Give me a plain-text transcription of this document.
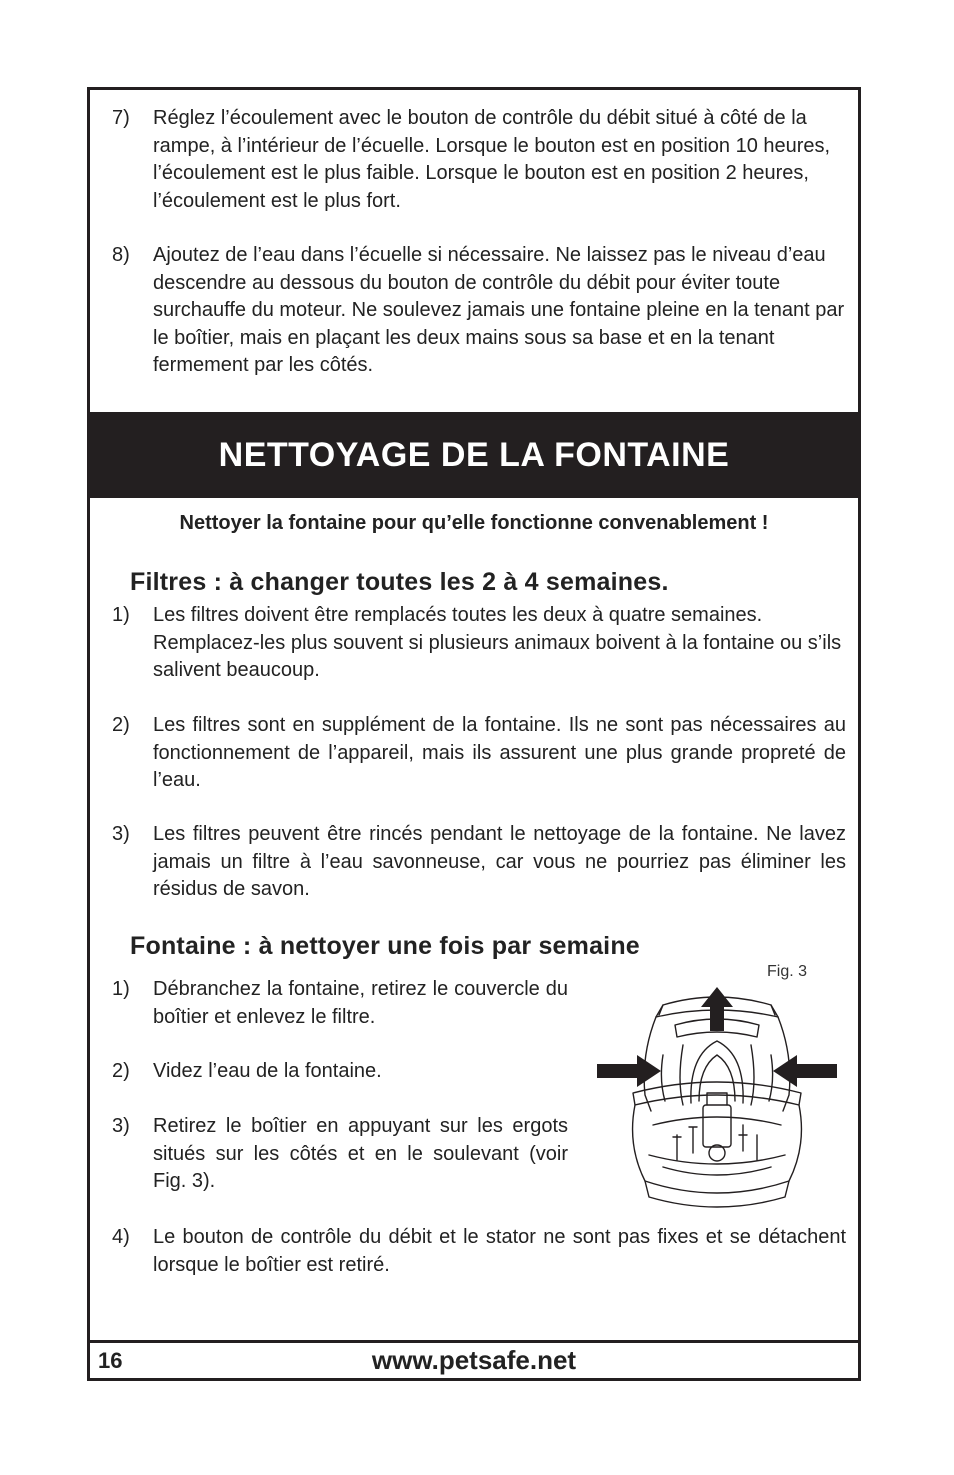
7) Réglez l’écoulement avec le bouton de contrôle du débit situé à côté de la rampe, à l’intérieur de l’écuelle. Lorsque le bouton est en position 10 heures, l’écoulement est le plus faible. Lorsque le bouton est en position 2 heures, l’écoulement est le plus fort.
8) Ajoutez de l’eau dans l’écuelle si nécessaire. Ne laissez pas le niveau d’eau descendre au dessous du bouton de contrôle du débit pour éviter toute surchauffe du moteur. Ne soulevez jamais une fontaine pleine en la tenant par le boîtier, mais en plaçant les deux mains sous sa base et en la tenant fermement par les côtés.
NETTOYAGE DE LA FONTAINE
Nettoyer la fontaine pour qu’elle fonctionne convenablement !
Filtres : à changer toutes les 2 à 4 semaines.
1) Les filtres doivent être remplacés toutes les deux à quatre semaines. Remplacez-les plus souvent si plusieurs animaux boivent à la fontaine ou s’ils salivent beaucoup.
2) Les filtres sont en supplément de la fontaine. Ils ne sont pas nécessaires au fonctionnement de l’appareil, mais ils assurent une plus grande propreté de l’eau.
3) Les filtres peuvent être rincés pendant le nettoyage de la fontaine. Ne lavez jamais un filtre à l’eau savonneuse, car vous ne pourriez pas éliminer les résidus de savon.
Fontaine : à nettoyer une fois par semaine
Fig. 3
1) Débranchez la fontaine, retirez le couvercle du boîtier et enlevez le filtre.
2) Videz l’eau de la fontaine.
3) Retirez le boîtier en appuyant sur les ergots situés sur les côtés et en le soulevant (voir Fig. 3).
4) Le bouton de contrôle du débit et le stator ne sont pas fixes et se détachent lorsque le boîtier est retiré.
16	www.petsafe.net
